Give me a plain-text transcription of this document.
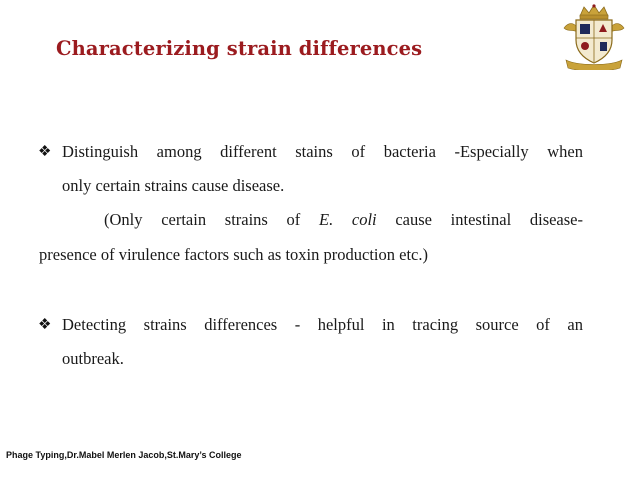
Characterizing strain differences
❖ Distinguish among different stains of bacteria -Especially when
only certain strains cause disease.
(Only certain strains of E. coli cause intestinal disease-
presence of virulence factors such as toxin production etc.)
❖ Detecting strains differences - helpful in tracing source of an
outbreak.

Phage Typing,Dr.Mabel Merlen Jacob,St.Mary’s College
